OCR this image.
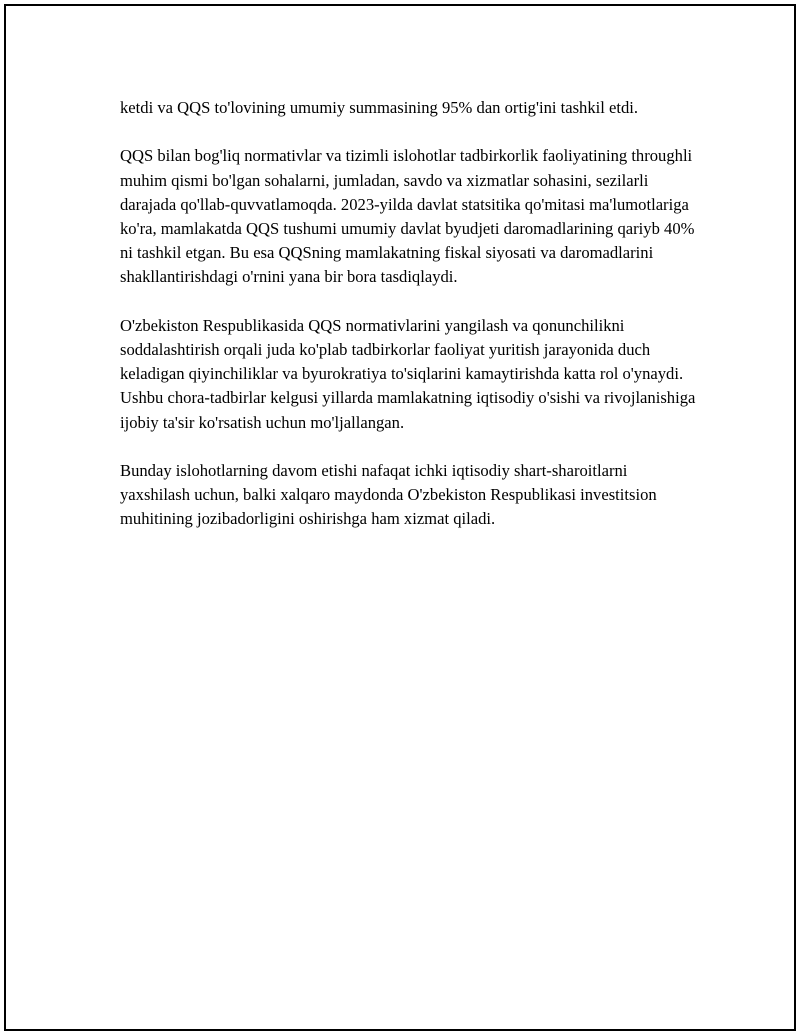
ketdi va QQS to'lovining umumiy summasining 95% dan ortig'ini tashkil etdi.

QQS bilan bog'liq normativlar va tizimli islohotlar tadbirkorlik faoliyatining throughli muhim qismi bo'lgan sohalarni, jumladan, savdo va xizmatlar sohasini, sezilarli darajada qo'llab-quvvatlamoqda. 2023-yilda davlat statsitika qo'mitasi ma'lumotlariga ko'ra, mamlakatda QQS tushumi umumiy davlat byudjeti daromadlarining qariyb 40% ni tashkil etgan. Bu esa QQSning mamlakatning fiskal siyosati va daromadlarini shakllantirishdagi o'rnini yana bir bora tasdiqlaydi.

O'zbekiston Respublikasida QQS normativlarini yangilash va qonunchilikni soddalashtirish orqali juda ko'plab tadbirkorlar faoliyat yuritish jarayonida duch keladigan qiyinchiliklar va byurokratiya to'siqlarini kamaytirishda katta rol o'ynaydi. Ushbu chora-tadbirlar kelgusi yillarda mamlakatning iqtisodiy o'sishi va rivojlanishiga ijobiy ta'sir ko'rsatish uchun mo'ljallangan.

Bunday islohotlarning davom etishi nafaqat ichki iqtisodiy shart-sharoitlarni yaxshilash uchun, balki xalqaro maydonda O'zbekiston Respublikasi investitsion muhitining jozibadorligini oshirishga ham xizmat qiladi.
